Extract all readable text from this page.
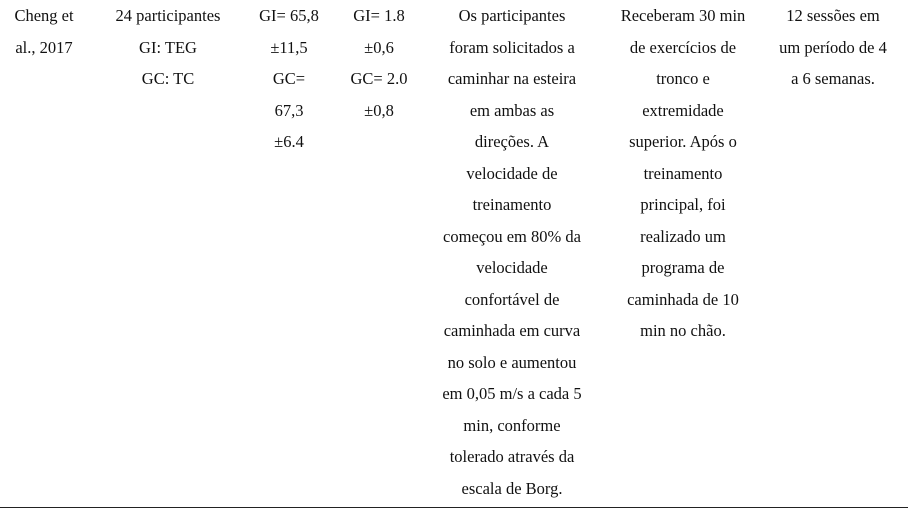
Cheng et
al., 2017
24 participantes
GI: TEG
GC: TC
GI= 65,8
±11,5
GC=
67,3
±6.4
GI= 1.8
±0,6
GC= 2.0
±0,8
Os participantes
foram solicitados a
caminhar na esteira
em ambas as
direções. A
velocidade de
treinamento
começou em 80% da
velocidade
confortável de
caminhada em curva
no solo e aumentou
em 0,05 m/s a cada 5
min, conforme
tolerado através da
escala de Borg.
Receberam 30 min
de exercícios de
tronco e
extremidade
superior. Após o
treinamento
principal, foi
realizado um
programa de
caminhada de 10
min no chão.
12 sessões em
um período de 4
a 6 semanas.
